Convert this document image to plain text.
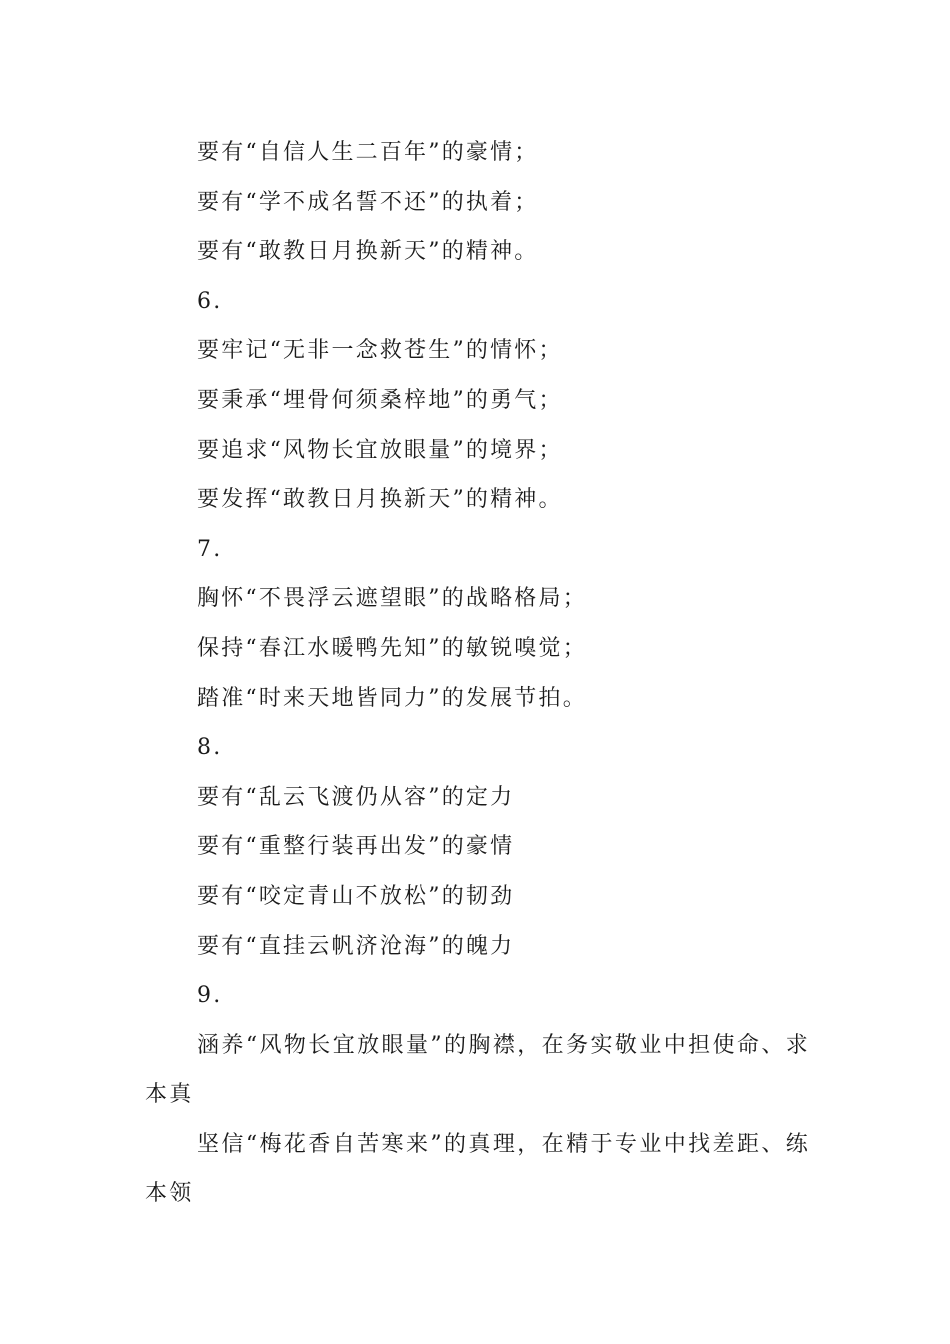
要有“自信人生二百年”的豪情；

要有“学不成名誓不还”的执着；

要有“敢教日月换新天”的精神。

6.

要牢记“无非一念救苍生”的情怀；

要秉承“埋骨何须桑梓地”的勇气；

要追求“风物长宜放眼量”的境界；

要发挥“敢教日月换新天”的精神。

7.

胸怀“不畏浮云遮望眼”的战略格局；

保持“春江水暖鸭先知”的敏锐嗅觉；

踏准“时来天地皆同力”的发展节拍。

8.

要有“乱云飞渡仍从容”的定力

要有“重整行装再出发”的豪情

要有“咬定青山不放松”的韧劲

要有“直挂云帆济沧海”的魄力

9.

涵养“风物长宜放眼量”的胸襟，在务实敬业中担使命、求本真

坚信“梅花香自苦寒来”的真理，在精于专业中找差距、练本领
